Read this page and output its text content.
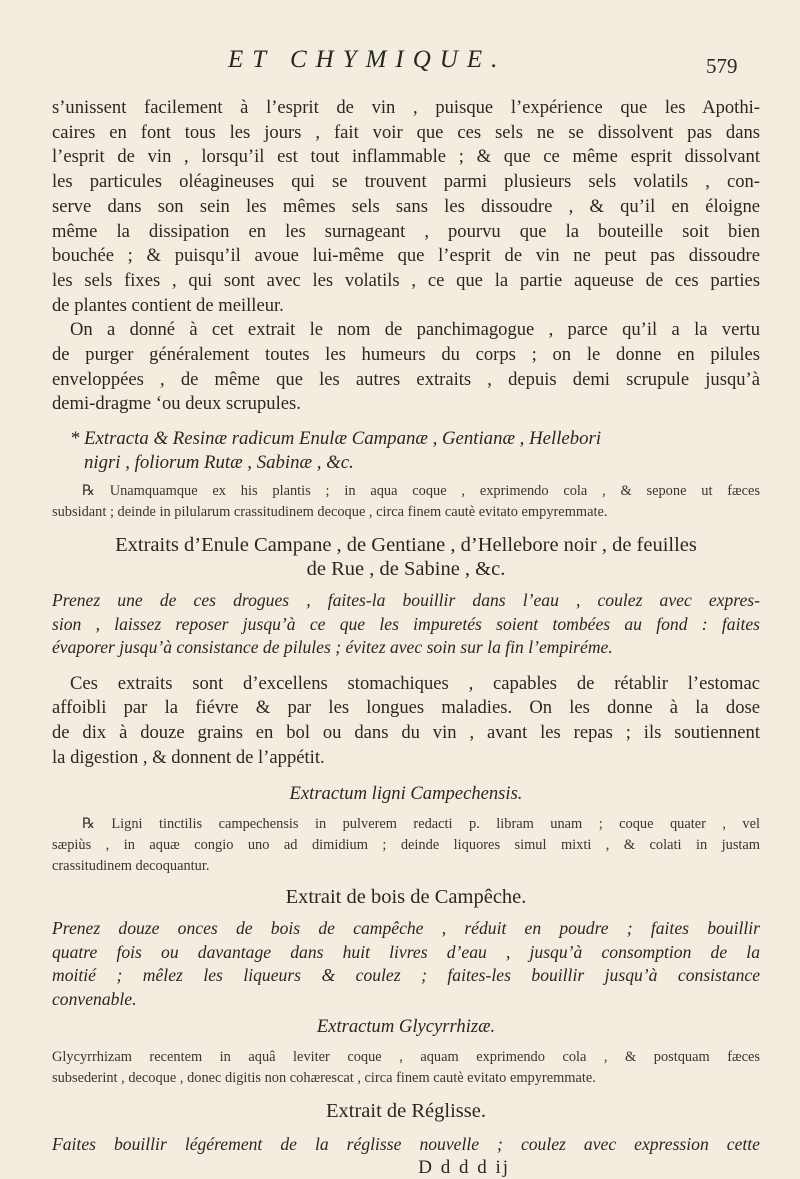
ET CHYMIQUE.	579
s’unissent facilement à l’esprit de vin , puisque l’expérience que les Apothi-
caires en font tous les jours , fait voir que ces sels ne se dissolvent pas dans
l’esprit de vin , lorsqu’il est tout inflammable ; & que ce même esprit dissolvant
les particules oléagineuses qui se trouvent parmi plusieurs sels volatils , con-
serve dans son sein les mêmes sels sans les dissoudre , & qu’il en éloigne
même la dissipation en les surnageant , pourvu que la bouteille soit bien
bouchée ; & puisqu’il avoue lui-même que l’esprit de vin ne peut pas dissoudre
les sels fixes , qui sont avec les volatils , ce que la partie aqueuse de ces parties
de plantes contient de meilleur.
On a donné à cet extrait le nom de panchimagogue , parce qu’il a la vertu
de purger généralement toutes les humeurs du corps ; on le donne en pilules
enveloppées , de même que les autres extraits , depuis demi scrupule jusqu’à
demi-dragme ‘ou deux scrupules.
* Extracta & Resinæ radicum Enulæ Campanæ , Gentianæ , Hellebori
nigri , foliorum Rutæ , Sabinæ , &c.
℞ Unamquamque ex his plantis ; in aqua coque , exprimendo cola , & sepone ut fæces
subsidant ; deinde in pilularum crassitudinem decoque , circa finem cautè evitato empyremmate.
Extraits d’Enule Campane , de Gentiane , d’Hellebore noir , de feuilles
de Rue , de Sabine , &c.
Prenez une de ces drogues , faites-la bouillir dans l’eau , coulez avec expres-
sion , laissez reposer jusqu’à ce que les impuretés soient tombées au fond : faites
évaporer jusqu’à consistance de pilules ; évitez avec soin sur la fin l’empiréme.
Ces extraits sont d’excellens stomachiques , capables de rétablir l’estomac
affoibli par la fiévre & par les longues maladies. On les donne à la dose
de dix à douze grains en bol ou dans du vin , avant les repas ; ils soutiennent
la digestion , & donnent de l’appétit.
Extractum ligni Campechensis.
℞ Ligni tinctilis campechensis in pulverem redacti p. libram unam ; coque quater , vel
sæpiùs , in aquæ congio uno ad dimidium ; deinde liquores simul mixti , & colati in justam
crassitudinem decoquantur.
Extrait de bois de Campêche.
Prenez douze onces de bois de campêche , réduit en poudre ; faites bouillir
quatre fois ou davantage dans huit livres d’eau , jusqu’à consomption de la
moitié ; mêlez les liqueurs & coulez ; faites-les bouillir jusqu’à consistance
convenable.
Extractum Glycyrrhizæ.
Glycyrrhizam recentem in aquâ leviter coque , aquam exprimendo cola , & postquam fæces
subsederint , decoque , donec digitis non cohærescat , circa finem cautè evitato empyremmate.
Extrait de Réglisse.
Faites bouillir légérement de la réglisse nouvelle ; coulez avec expression cette
D d d d ij
